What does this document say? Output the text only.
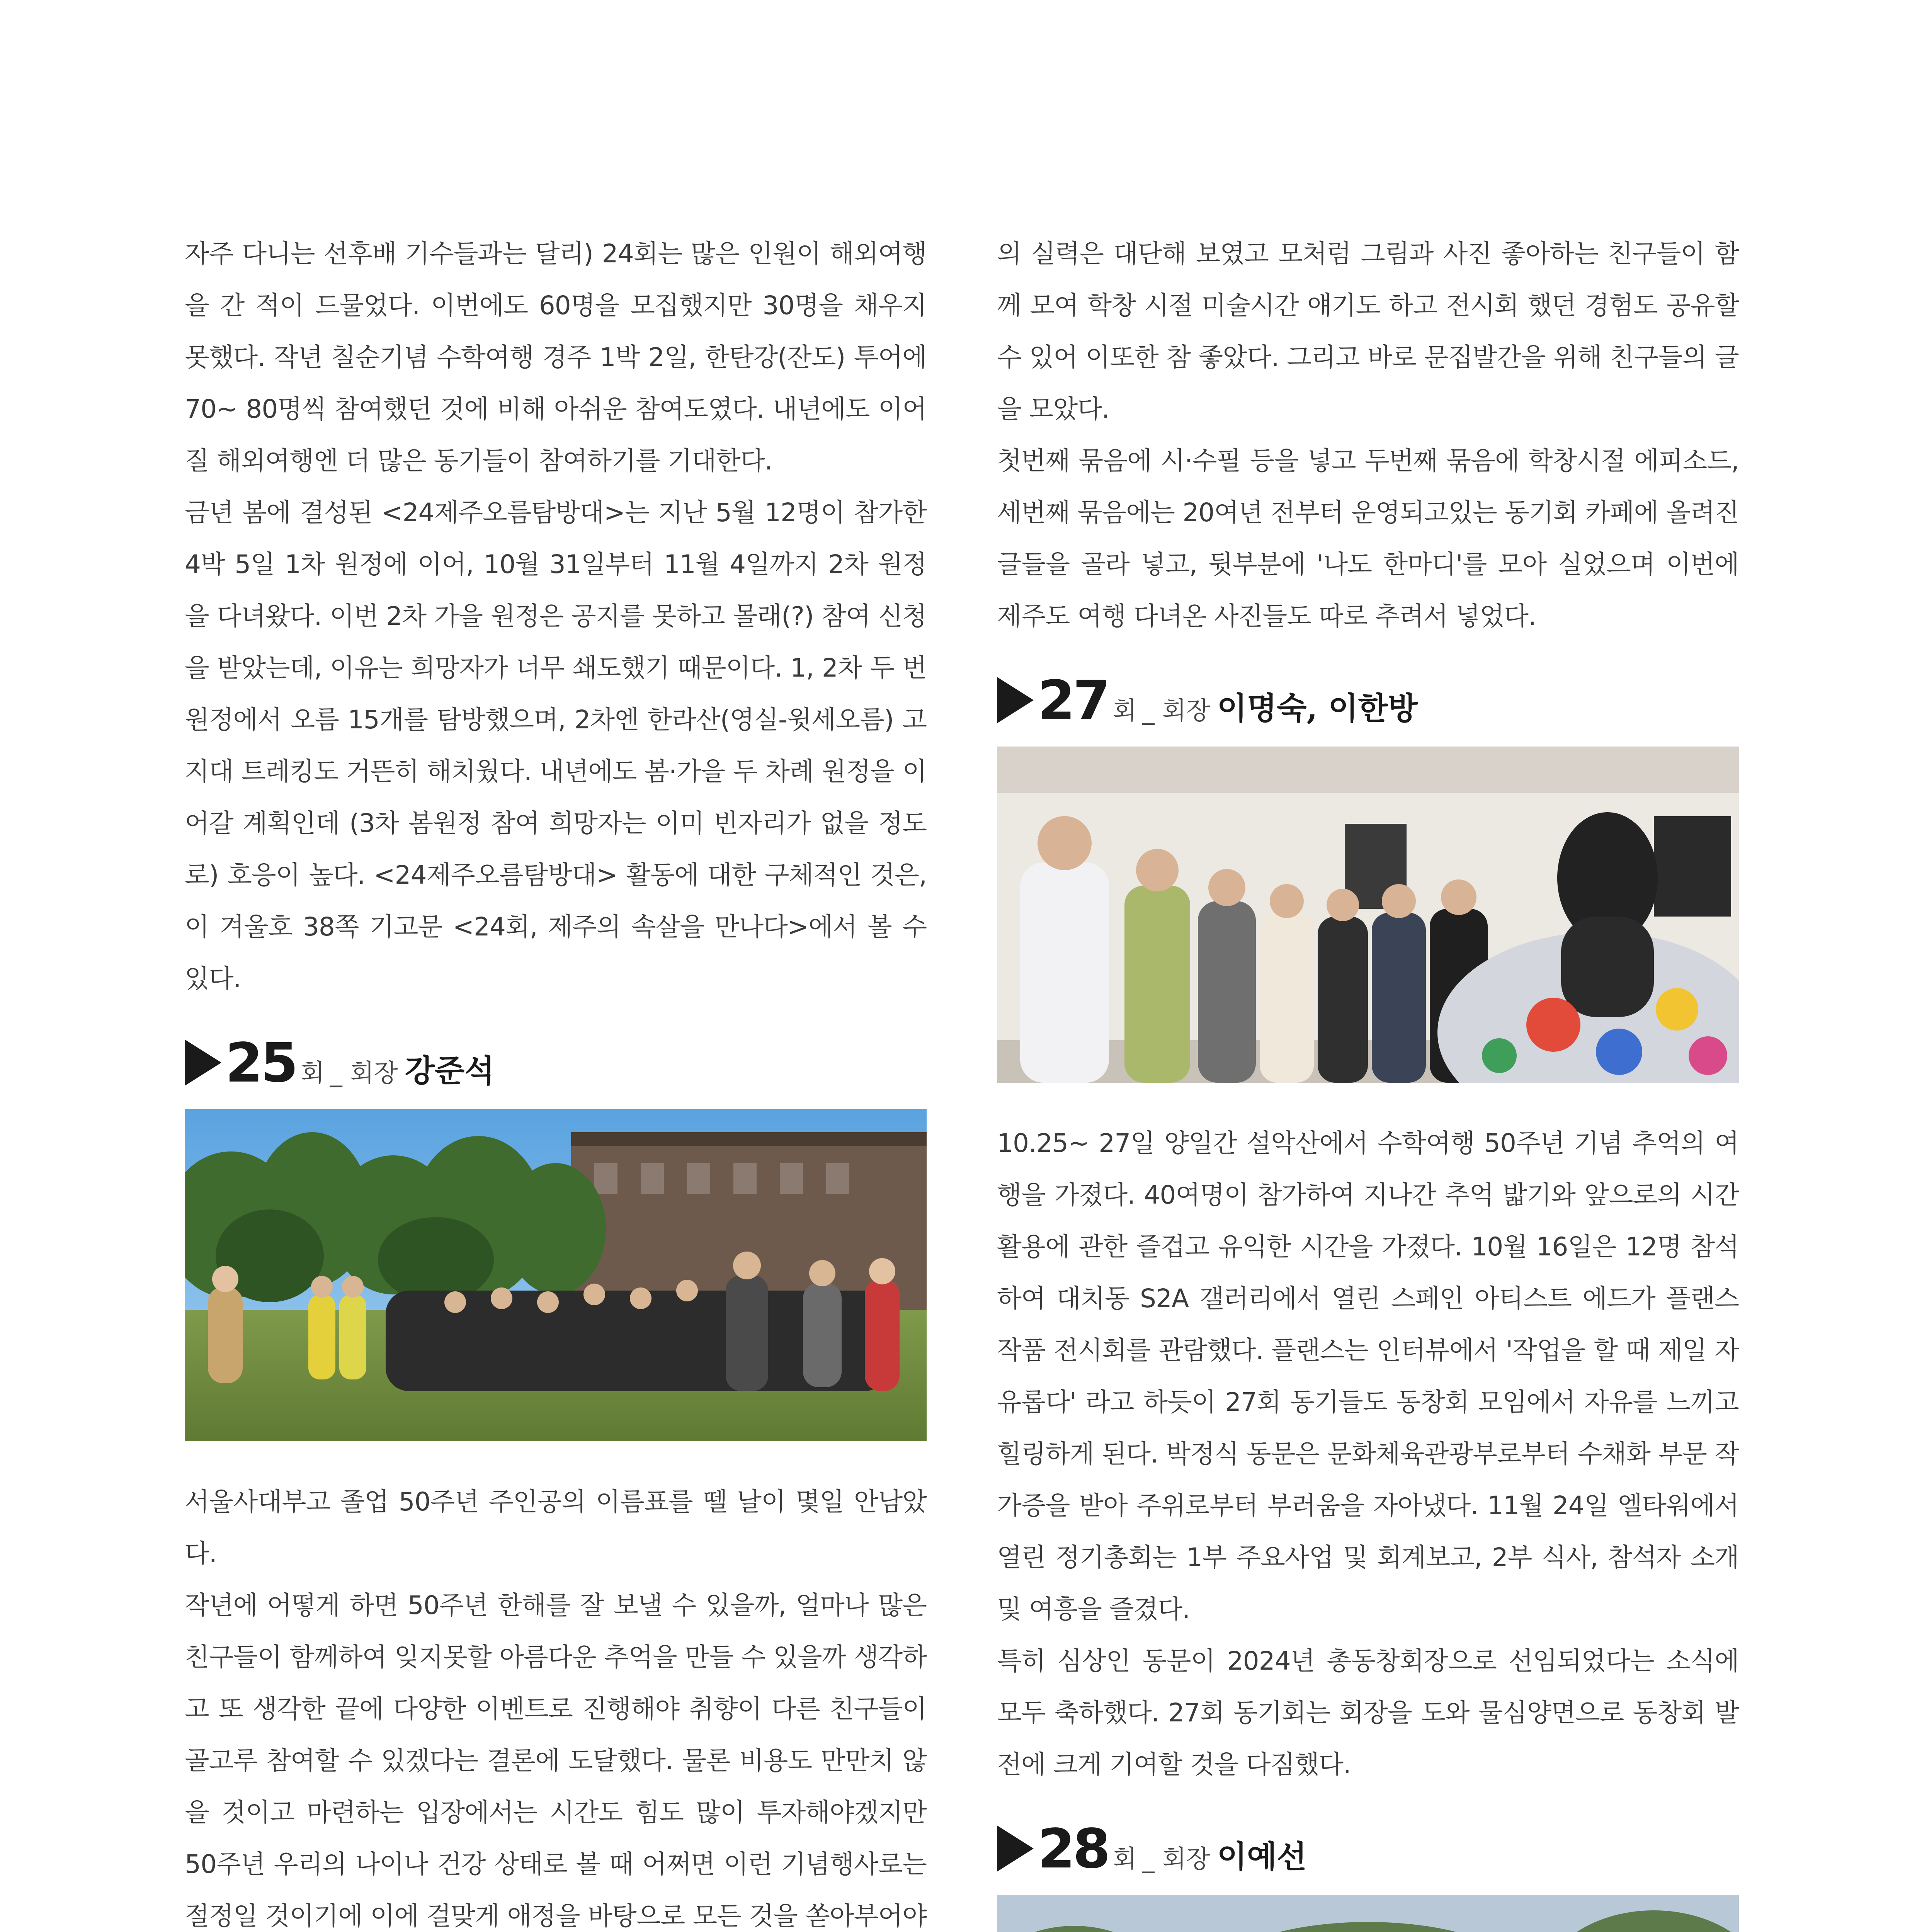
자주 다니는 선후배 기수들과는 달리) 24회는 많은 인원이 해외여행을 간 적이 드물었다. 이번에도 60명을 모집했지만 30명을 채우지 못했다. 작년 칠순기념 수학여행 경주 1박 2일, 한탄강(잔도) 투어에 70~ 80명씩 참여했던 것에 비해 아쉬운 참여도였다. 내년에도 이어질 해외여행엔 더 많은 동기들이 참여하기를 기대한다.

금년 봄에 결성된 <24제주오름탐방대>는 지난 5월 12명이 참가한 4박 5일 1차 원정에 이어, 10월 31일부터 11월 4일까지 2차 원정을 다녀왔다. 이번 2차 가을 원정은 공지를 못하고 몰래(?) 참여 신청을 받았는데, 이유는 희망자가 너무 쇄도했기 때문이다. 1, 2차 두 번 원정에서 오름 15개를 탐방했으며, 2차엔 한라산(영실-윗세오름) 고지대 트레킹도 거뜬히 해치웠다. 내년에도 봄·가을 두 차례 원정을 이어갈 계획인데 (3차 봄원정 참여 희망자는 이미 빈자리가 없을 정도로) 호응이 높다. <24제주오름탐방대> 활동에 대한 구체적인 것은, 이 겨울호 38쪽 기고문 <24회, 제주의 속살을 만나다>에서 볼 수 있다.

25 회 _ 회장 강준석

서울사대부고 졸업 50주년 주인공의 이름표를 뗄 날이 몇일 안남았다.

작년에 어떻게 하면 50주년 한해를 잘 보낼 수 있을까, 얼마나 많은 친구들이 함께하여 잊지못할 아름다운 추억을 만들 수 있을까 생각하고 또 생각한 끝에 다양한 이벤트로 진행해야 취향이 다른 친구들이 골고루 참여할 수 있겠다는 결론에 도달했다. 물론 비용도 만만치 않을 것이고 마련하는 입장에서는 시간도 힘도 많이 투자해야겠지만 50주년 우리의 나이나 건강 상태로 볼 때 어쩌면 이런 기념행사로는 절정일 것이기에 이에 걸맞게 애정을 바탕으로 모든 것을 쏟아부어야

의 실력은 대단해 보였고 모처럼 그림과 사진 좋아하는 친구들이 함께 모여 학창 시절 미술시간 얘기도 하고 전시회 했던 경험도 공유할 수 있어 이또한 참 좋았다. 그리고 바로 문집발간을 위해 친구들의 글을 모았다.

첫번째 묶음에 시·수필 등을 넣고 두번째 묶음에 학창시절 에피소드, 세번째 묶음에는 20여년 전부터 운영되고있는 동기회 카페에 올려진 글들을 골라 넣고, 뒷부분에 '나도 한마디'를 모아 실었으며 이번에 제주도 여행 다녀온 사진들도 따로 추려서 넣었다.

27 회 _ 회장 이명숙, 이한방

10.25~ 27일 양일간 설악산에서 수학여행 50주년 기념 추억의 여행을 가졌다. 40여명이 참가하여 지나간 추억 밟기와 앞으로의 시간 활용에 관한 즐겁고 유익한 시간을 가졌다. 10월 16일은 12명 참석하여 대치동 S2A 갤러리에서 열린 스페인 아티스트 에드가 플랜스 작품 전시회를 관람했다. 플랜스는 인터뷰에서 '작업을 할 때 제일 자유롭다' 라고 하듯이 27회 동기들도 동창회 모임에서 자유를 느끼고 힐링하게 된다. 박정식 동문은 문화체육관광부로부터 수채화 부문 작가증을 받아 주위로부터 부러움을 자아냈다. 11월 24일 엘타워에서 열린 정기총회는 1부 주요사업 및 회계보고, 2부 식사, 참석자 소개 및 여흥을 즐겼다.

특히 심상인 동문이 2024년 총동창회장으로 선임되었다는 소식에 모두 축하했다. 27회 동기회는 회장을 도와 물심양면으로 동창회 발전에 크게 기여할 것을 다짐했다.

28 회 _ 회장 이예선
